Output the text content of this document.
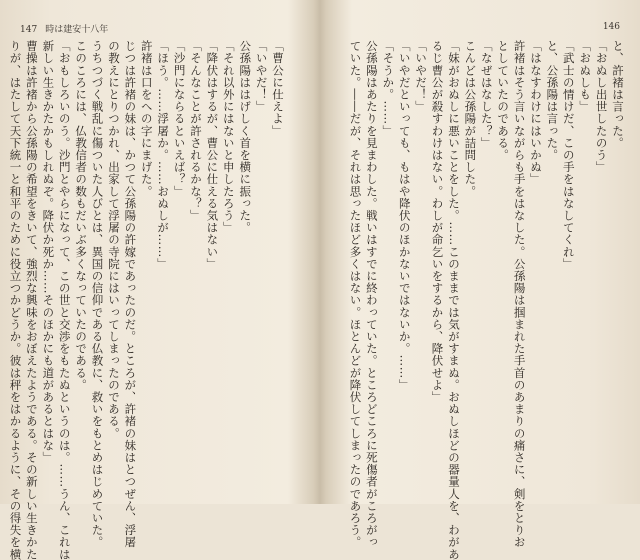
147 時は建安十八年
「曹公に仕えよ」
「いやだ！」
公孫陽ははげしく首を横に振った。
「それ以外にはないと申したろう」
「降伏はするが、曹公に仕える気はない」
「そんなことが許されるかな？」
「沙門にならるといえば？」
「ほう。……浮屠か。……おぬしが……」
許褚は口をへの字にまげた。
じつは許褚の妹は、かつて公孫陽の許嫁であったのだ。ところが、許褚の妹はとつぜん、浮屠
の教えにとりつかれ、出家して浮屠の寺院にはいってしまったのである。
うちつづく戦乱に傷ついた人びとは、異国の信仰である仏教に、救いをもとめはじめていた。
このころには、仏教信者の数もだいぶ多くなっていたのである。
「おもしろいのう。沙門とやらになって、この世と交渉をもたぬというのは。……うん、これは
新しい生きかたかもしれぬぞ。降伏か死か……そのほかにも道があるとはな」
曹操は許褚から公孫陽の希望をきいて、強烈な興味をおぼえたようである。その新しい生きかた
りが、はたして天下統一と和平のために役立つかどうか。彼は秤をはかるように、その得失を横
146
と、許褚は言った。
「おぬし出世したのう」
「おぬしも」
「武士の情けだ、この手をはなしてくれ」
と、公孫陽は言った。
「はなすわけにはいかぬ」
許褚はそう言いながらも手をはなした。公孫陽は掴まれた手首のあまりの痛さに、剣をとりお
としていたのである。
「なぜはなした？」
こんどは公孫陽が詰問した。
「妹がおぬしに悪いことをした。……このままでは気がすまぬ。おぬしほどの器量人を、わがあ
るじ曹公が殺すわけはない。わしが命乞いをするから、降伏せよ」
「いやだ！」
「いやだといっても、もはや降伏のほかないではないか。……」
「そうか。……」
公孫陽はあたりを見まわした。戦いはすでに終わっていた。ところどころに死傷者がころがっ
ていた。――だが、それは思ったほど多くはない。ほとんどが降伏してしまったのであろう。
